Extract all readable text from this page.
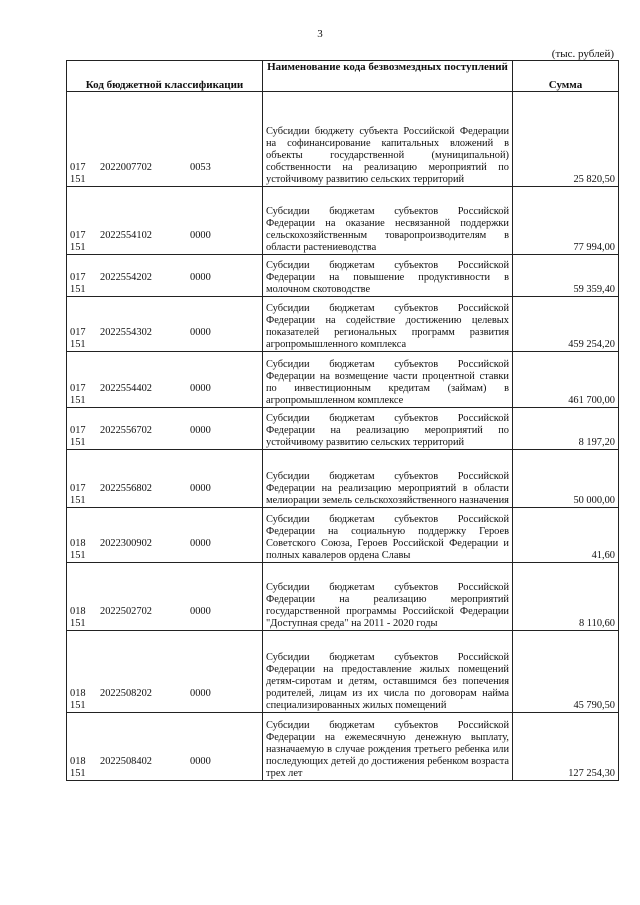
3
(тыс. рублей)
Код бюджетной классификации	Наименование кода безвозмездных поступлений	Сумма
017 2022007702 0053151	Субсидии бюджету субъекта Российской Федерации на софинансирование капитальных вложений в объекты государственной (муниципальной) собственности на реализацию мероприятий по устойчивому развитию сельских территорий	25 820,50
017 2022554102 0000151	Субсидии бюджетам субъектов Российской Федерации на оказание несвязанной поддержки сельскохозяйственным товаропроизводителям в области растениеводства	77 994,00
017 2022554202 0000151	Субсидии бюджетам субъектов Российской Федерации на повышение продуктивности в молочном скотоводстве	59 359,40
017 2022554302 0000151	Субсидии бюджетам субъектов Российской Федерации на содействие достижению целевых показателей региональных программ развития агропромышленного комплекса	459 254,20
017 2022554402 0000151	Субсидии бюджетам субъектов Российской Федерации на возмещение части процентной ставки по инвестиционным кредитам (займам) в агропромышленном комплексе	461 700,00
017 2022556702 0000151	Субсидии бюджетам субъектов Российской Федерации на реализацию мероприятий по устойчивому развитию сельских территорий	8 197,20
017 2022556802 0000151	Субсидии бюджетам субъектов Российской Федерации на реализацию мероприятий в области мелиорации земель сельскохозяйственного назначения	50 000,00
018 2022300902 0000151	Субсидии бюджетам субъектов Российской Федерации на социальную поддержку Героев Советского Союза, Героев Российской Федерации и полных кавалеров ордена Славы	41,60
018 2022502702 0000151	Субсидии бюджетам субъектов Российской Федерации на реализацию мероприятий государственной программы Российской Федерации "Доступная среда" на 2011 - 2020 годы	8 110,60
018 2022508202 0000151	Субсидии бюджетам субъектов Российской Федерации на предоставление жилых помещений детям-сиротам и детям, оставшимся без попечения родителей, лицам из их числа по договорам найма специализированных жилых помещений	45 790,50
018 2022508402 0000151	Субсидии бюджетам субъектов Российской Федерации на ежемесячную денежную выплату, назначаемую в случае рождения третьего ребенка или последующих детей до достижения ребенком возраста трех лет	127 254,30
